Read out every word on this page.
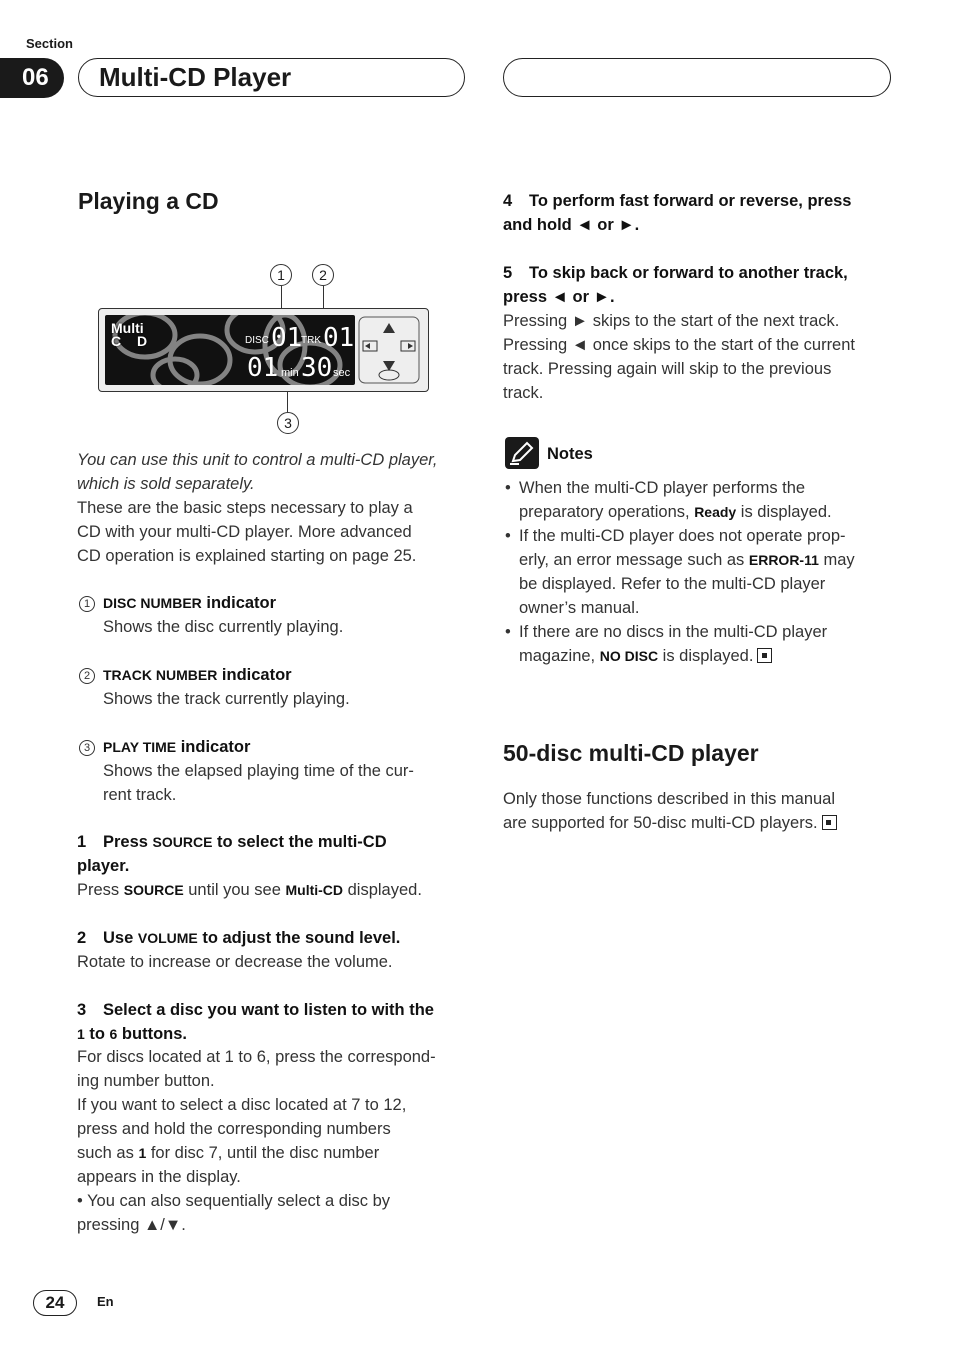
Section
06	Multi-CD Player
Playing a CD
1	2
Multi
C D	DISC 01
TRK 01
01 min 30 sec
3
You can use this unit to control a multi-CD player,
which is sold separately.
These are the basic steps necessary to play a
CD with your multi-CD player. More advanced
CD operation is explained starting on page 25.
1 DISC NUMBER indicator
Shows the disc currently playing.
2 TRACK NUMBER indicator
Shows the track currently playing.
3 PLAY TIME indicator
Shows the elapsed playing time of the cur-
rent track.
1 Press SOURCE to select the multi-CD
player.
Press SOURCE until you see Multi-CD displayed.
2 Use VOLUME to adjust the sound level.
Rotate to increase or decrease the volume.
3 Select a disc you want to listen to with the
1 to 6 buttons.
For discs located at 1 to 6, press the correspond-
ing number button.
If you want to select a disc located at 7 to 12,
press and hold the corresponding numbers
such as 1 for disc 7, until the disc number
appears in the display.
• You can also sequentially select a disc by
pressing ▲/▼.
4 To perform fast forward or reverse, press
and hold ◄ or ►.
5 To skip back or forward to another track,
press ◄ or ►.
Pressing ► skips to the start of the next track.
Pressing ◄ once skips to the start of the current
track. Pressing again will skip to the previous
track.
Notes
• When the multi-CD player performs the
preparatory operations, Ready is displayed.
• If the multi-CD player does not operate prop-
erly, an error message such as ERROR-11 may
be displayed. Refer to the multi-CD player
owner’s manual.
• If there are no discs in the multi-CD player
magazine, NO DISC is displayed.
50-disc multi-CD player
Only those functions described in this manual
are supported for 50-disc multi-CD players.
24	En
